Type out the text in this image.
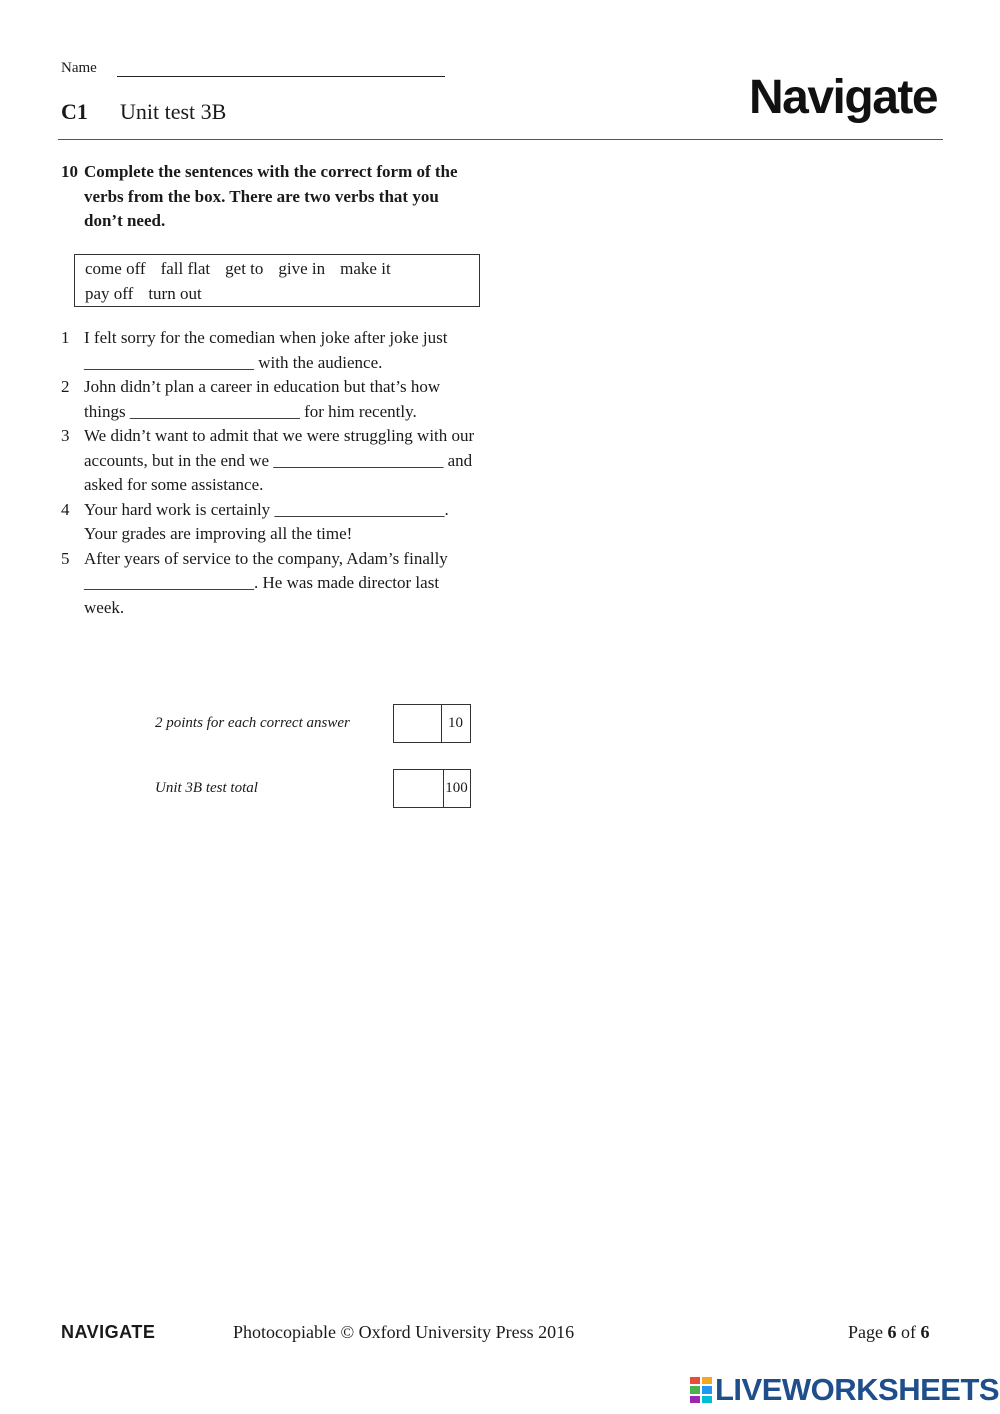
Name
C1 Unit test 3B	Navigate
10 Complete the sentences with the correct form of the verbs from the box. There are two verbs that you don’t need.
come off fall flat get to give in make it
pay off turn out
1 I felt sorry for the comedian when joke after joke just ____________________ with the audience.
2 John didn’t plan a career in education but that’s how things ____________________ for him recently.
3 We didn’t want to admit that we were struggling with our accounts, but in the end we ____________________ and asked for some assistance.
4 Your hard work is certainly ____________________. Your grades are improving all the time!
5 After years of service to the company, Adam’s finally ____________________. He was made director last week.
2 points for each correct answer	10
Unit 3B test total	100
NAVIGATE	Photocopiable © Oxford University Press 2016	Page 6 of 6
LIVEWORKSHEETS
